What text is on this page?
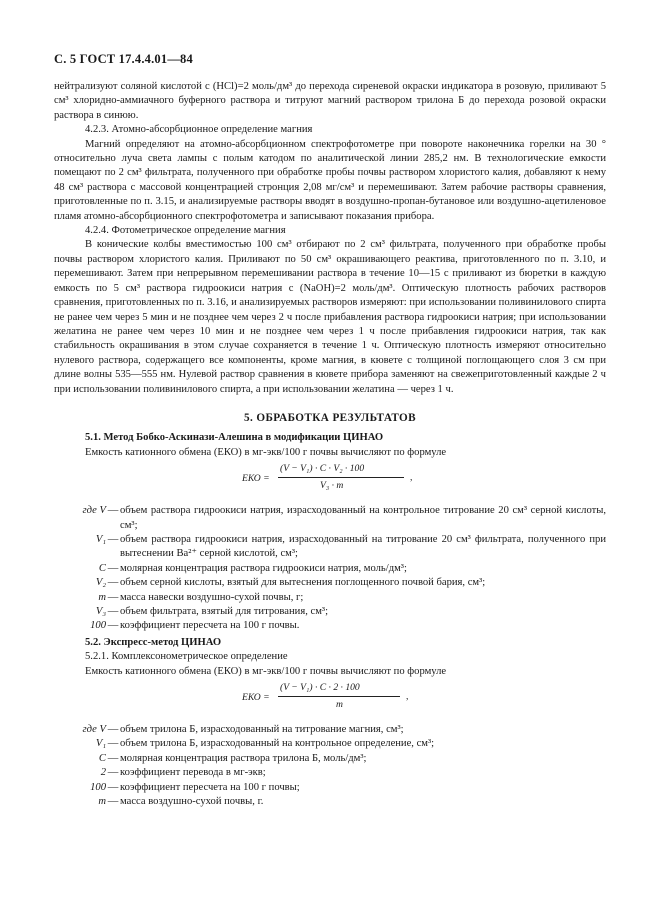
С. 5 ГОСТ 17.4.4.01—84

нейтрализуют соляной кислотой c (HCl)=2 моль/дм³ до перехода сиреневой окраски индикатора в розовую, приливают 5 см³ хлоридно-аммиачного буферного раствора и титруют магний раствором трилона Б до перехода розовой окраски раствора в синюю.

4.2.3. Атомно-абсорбционное определение магния

Магний определяют на атомно-абсорбционном спектрофотометре при повороте наконечника горелки на 30 ° относительно луча света лампы с полым катодом по аналитической линии 285,2 нм. В технологические емкости помещают по 2 см³ фильтрата, полученного при обработке пробы почвы раствором хлористого калия, добавляют к нему 48 см³ раствора с массовой концентрацией стронция 2,08 мг/см³ и перемешивают. Затем рабочие растворы сравнения, приготовленные по п. 3.15, и анализируемые растворы вводят в воздушно-пропан-бутановое или воздушно-ацетиленовое пламя атомно-абсорбционного спектрофотометра и записывают показания прибора.

4.2.4. Фотометрическое определение магния

В конические колбы вместимостью 100 см³ отбирают по 2 см³ фильтрата, полученного при обработке пробы почвы раствором хлористого калия. Приливают по 50 см³ окрашивающего реактива, приготовленного по п. 3.10, и перемешивают. Затем при непрерывном перемешивании раствора в течение 10—15 с приливают из бюретки в каждую емкость по 5 см³ раствора гидроокиси натрия c (NaOH)=2 моль/дм³. Оптическую плотность рабочих растворов сравнения, приготовленных по п. 3.16, и анализируемых растворов измеряют: при использовании поливинилового спирта не ранее чем через 5 мин и не позднее чем через 2 ч после прибавления раствора гидроокиси натрия; при использовании желатина не ранее чем через 10 мин и не позднее чем через 1 ч после прибавления гидроокиси натрия, так как стабильность окрашивания в этом случае сохраняется в течение 1 ч. Оптическую плотность измеряют относительно нулевого раствора, содержащего все компоненты, кроме магния, в кювете с толщиной поглощающего слоя 3 см при длине волны 535—555 нм. Нулевой раствор сравнения в кювете прибора заменяют на свежеприготовленный каждые 2 ч при использовании поливинилового спирта, а при использовании желатина — через 1 ч.

5. ОБРАБОТКА РЕЗУЛЬТАТОВ

5.1. Метод Бобко-Аскинази-Алешина в модификации ЦИНАО

Емкость катионного обмена (ЕКО) в мг-экв/100 г почвы вычисляют по формуле

ЕКО =
(V − V₁) · C · V₂ · 100
V₃ · m
,
где V — объем раствора гидроокиси натрия, израсходованный на контрольное титрование 20 см³ серной кислоты, см³;
V₁ — объем раствора гидроокиси натрия, израсходованный на титрование 20 см³ фильтрата, полученного при вытеснении Ba²⁺ серной кислотой, см³;
C — молярная концентрация раствора гидроокиси натрия, моль/дм³;
V₂ — объем серной кислоты, взятый для вытеснения поглощенного почвой бария, см³;
m — масса навески воздушно-сухой почвы, г;
V₃ — объем фильтрата, взятый для титрования, см³;
100 — коэффициент пересчета на 100 г почвы.

5.2. Экспресс-метод ЦИНАО

5.2.1. Комплексонометрическое определение

Емкость катионного обмена (ЕКО) в мг-экв/100 г почвы вычисляют по формуле

ЕКО =
(V − V₁) · C · 2 · 100
m
,
где V — объем трилона Б, израсходованный на титрование магния, см³;
V₁ — объем трилона Б, израсходованный на контрольное определение, см³;
C — молярная концентрация раствора трилона Б, моль/дм³;
2 — коэффициент перевода в мг-экв;
100 — коэффициент пересчета на 100 г почвы;
m — масса воздушно-сухой почвы, г.
